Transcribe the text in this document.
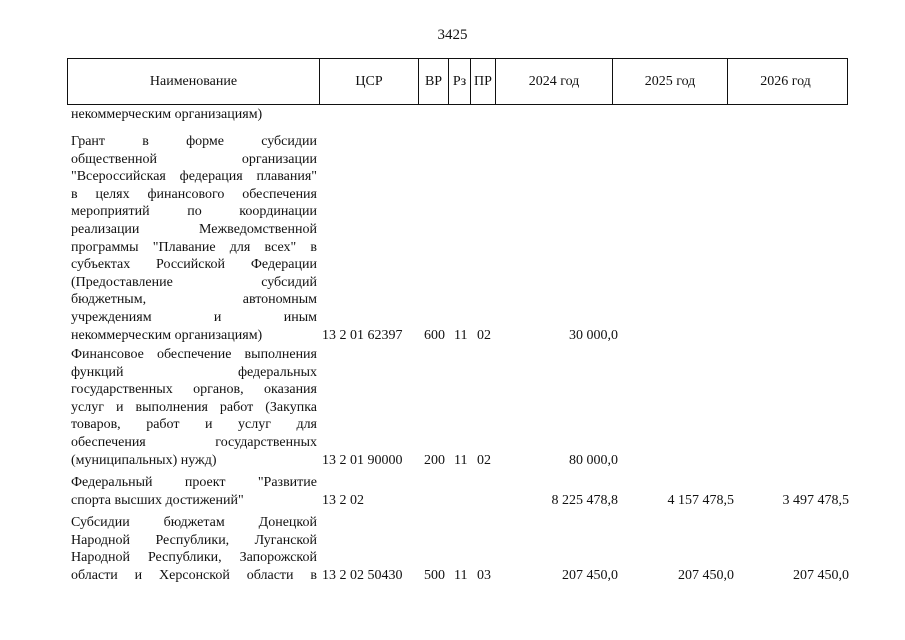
3425
Наименование	ЦСР	ВР Рз ПР	2024 год	2025 год	2026 год
некоммерческим организациям)
Грант в форме субсидии
общественной организации
"Всероссийская федерация плавания"
в целях финансового обеспечения
мероприятий по координации
реализации Межведомственной
программы "Плавание для всех" в
субъектах Российской Федерации
(Предоставление субсидий
бюджетным, автономным
учреждениям и иным
некоммерческим организациям)	13 2 01 62397 600 11 02	30 000,0
Финансовое обеспечение выполнения
функций федеральных
государственных органов, оказания
услуг и выполнения работ (Закупка
товаров, работ и услуг для
обеспечения государственных
(муниципальных) нужд)	13 2 01 90000 200 11 02	80 000,0
Федеральный проект "Развитие
спорта высших достижений"	13 2 02	8 225 478,8	4 157 478,5	3 497 478,5
Субсидии бюджетам Донецкой
Народной Республики, Луганской
Народной Республики, Запорожской
области и Херсонской области в 13 2 02 50430 500 11 03	207 450,0	207 450,0	207 450,0
